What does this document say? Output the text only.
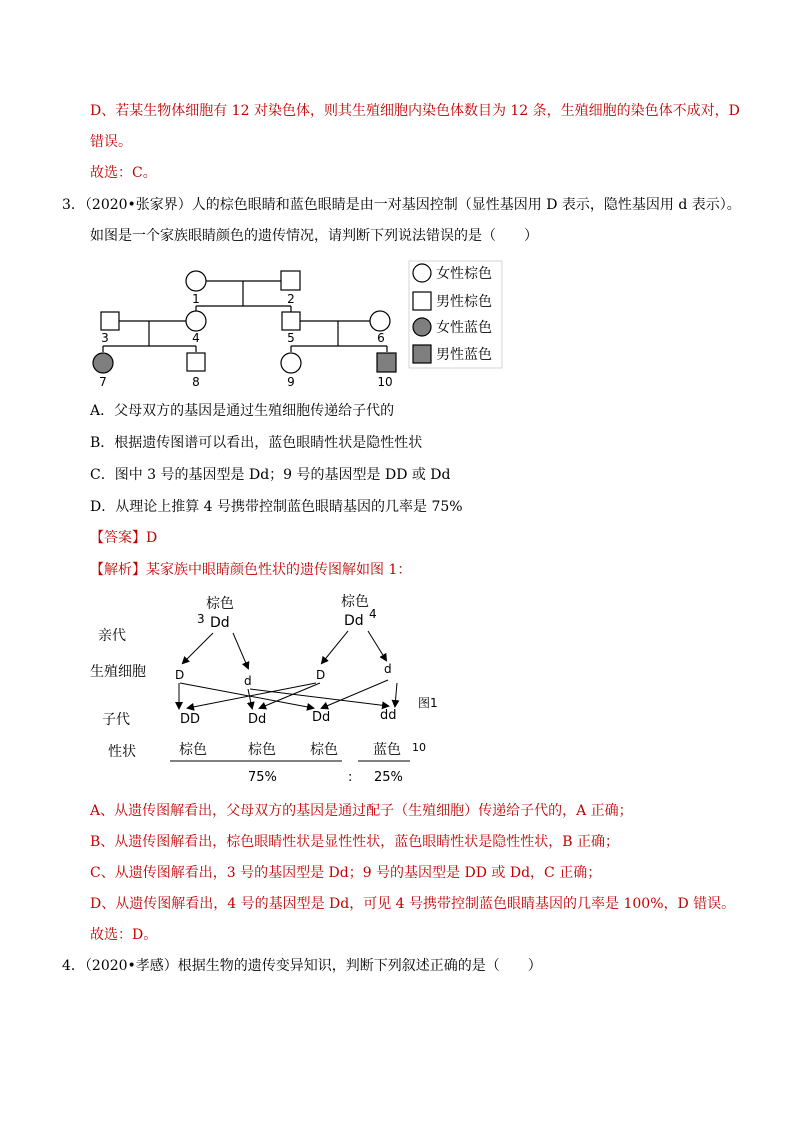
D、若某生物体细胞有 12 对染色体，则其生殖细胞内染色体数目为 12 条，生殖细胞的染色体不成对，D
错误。
故选：C。
3．（2020•张家界）人的棕色眼睛和蓝色眼睛是由一对基因控制（显性基因用 D 表示，隐性基因用 d 表示）。
如图是一个家族眼睛颜色的遗传情况，请判断下列说法错误的是（　　）
1	2
3	4	5	6
7	8	9	10
女性棕色
男性棕色
女性蓝色
男性蓝色
A．父母双方的基因是通过生殖细胞传递给子代的
B．根据遗传图谱可以看出，蓝色眼睛性状是隐性性状
C．图中 3 号的基因型是 Dd；9 号的基因型是 DD 或 Dd
D．从理论上推算 4 号携带控制蓝色眼睛基因的几率是 75%
【答案】D
【解析】某家族中眼睛颜色性状的遗传图解如图 1：
棕色	棕色
3	4
Dd	Dd
亲代
生殖细胞
子代
性状
D	d	D	d
DD	Dd	Dd	dd
图1
棕色	棕色 棕色	蓝色 10
75%	: 25%
A、从遗传图解看出，父母双方的基因是通过配子（生殖细胞）传递给子代的，A 正确；
B、从遗传图解看出，棕色眼睛性状是显性性状，蓝色眼睛性状是隐性性状，B 正确；
C、从遗传图解看出，3 号的基因型是 Dd；9 号的基因型是 DD 或 Dd，C 正确；
D、从遗传图解看出，4 号的基因型是 Dd，可见 4 号携带控制蓝色眼睛基因的几率是 100%，D 错误。
故选：D。
4．（2020•孝感）根据生物的遗传变异知识，判断下列叙述正确的是（　　）
